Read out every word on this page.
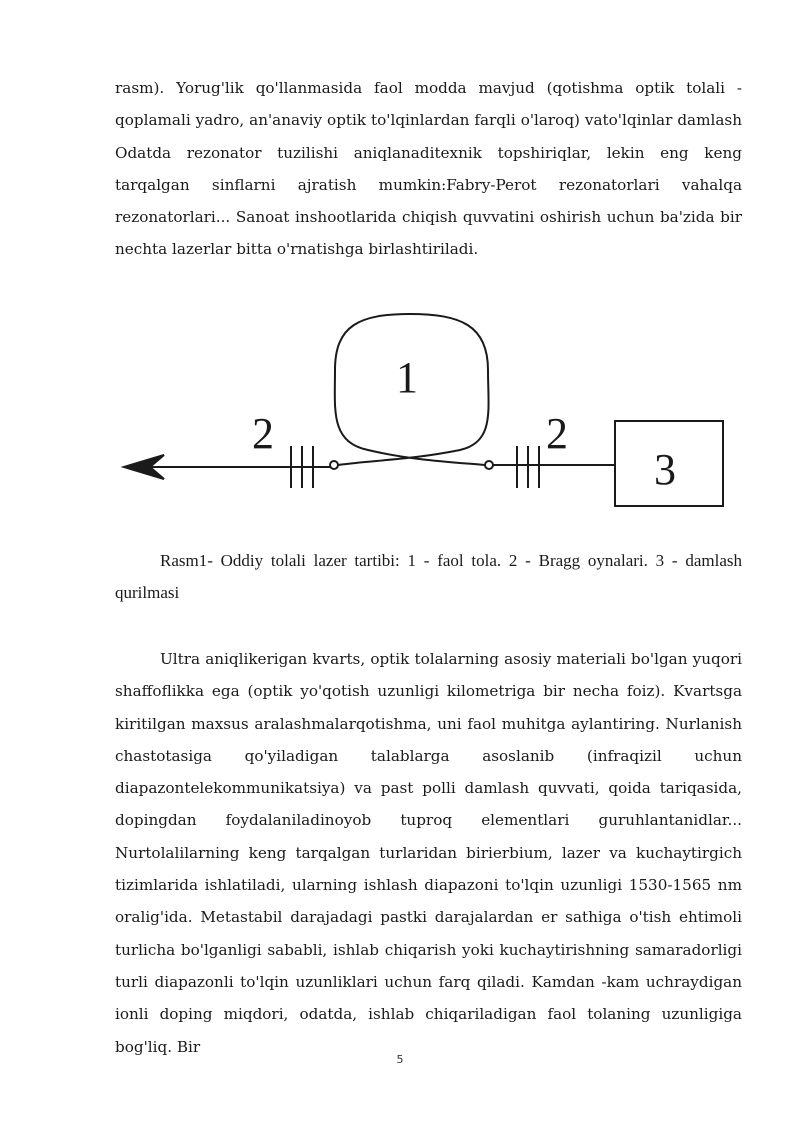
rasm). Yorug'lik qo'llanmasida faol modda mavjud (qotishma optik tolali - qoplamali yadro, an'anaviy optik to'lqinlardan farqli o'laroq) vato'lqinlar damlash Odatda rezonator tuzilishi aniqlanaditexnik topshiriqlar, lekin eng keng tarqalgan sinflarni ajratish mumkin:Fabry-Perot rezonatorlari vahalqa rezonatorlari... Sanoat inshootlarida chiqish quvvatini oshirish uchun ba'zida bir nechta lazerlar bitta o'rnatishga birlashtiriladi.

1
2	2
3

Rasm1- Oddiy tolali lazer tartibi: 1 - faol tola. 2 - Bragg oynalari. 3 - damlash qurilmasi

Ultra aniqlikerigan kvarts, optik tolalarning asosiy materiali bo'lgan yuqori shaffoflikka ega (optik yo'qotish uzunligi kilometriga bir necha foiz). Kvartsga kiritilgan maxsus aralashmalarqotishma, uni faol muhitga aylantiring. Nurlanish chastotasiga qo'yiladigan talablarga asoslanib (infraqizil uchun diapazontelekommunikatsiya) va past polli damlash quvvati, qoida tariqasida, dopingdan foydalaniladinoyob tuproq elementlari guruhlantanidlar... Nurtolalilarning keng tarqalgan turlaridan birierbium, lazer va kuchaytirgich tizimlarida ishlatiladi, ularning ishlash diapazoni to'lqin uzunligi 1530-1565 nm oralig'ida. Metastabil darajadagi pastki darajalardan er sathiga o'tish ehtimoli turlicha bo'lganligi sababli, ishlab chiqarish yoki kuchaytirishning samaradorligi turli diapazonli to'lqin uzunliklari uchun farq qiladi. Kamdan -kam uchraydigan ionli doping miqdori, odatda, ishlab chiqariladigan faol tolaning uzunligiga bog'liq. Bir

5
